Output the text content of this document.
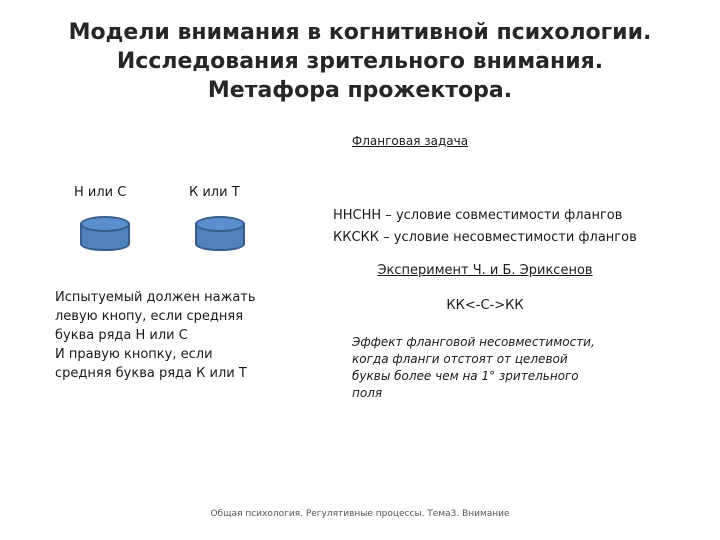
Модели внимания в когнитивной психологии.
Исследования зрительного внимания.
Метафора прожектора.
Фланговая задача
Н или С	К или Т
ННСНН – условие совместимости флангов
ККСКК – условие несовместимости флангов
Эксперимент Ч. и Б. Эриксенов
КК<-С->КК
Испытуемый должен нажать
левую кнопу, если средняя
буква ряда Н или С
И правую кнопку, если
средняя буква ряда К или Т
Эффект фланговой несовместимости,
когда фланги отстоят от целевой
буквы более чем на 1° зрительного
поля
Общая психология. Регулятивные процессы. Тема3. Внимание
